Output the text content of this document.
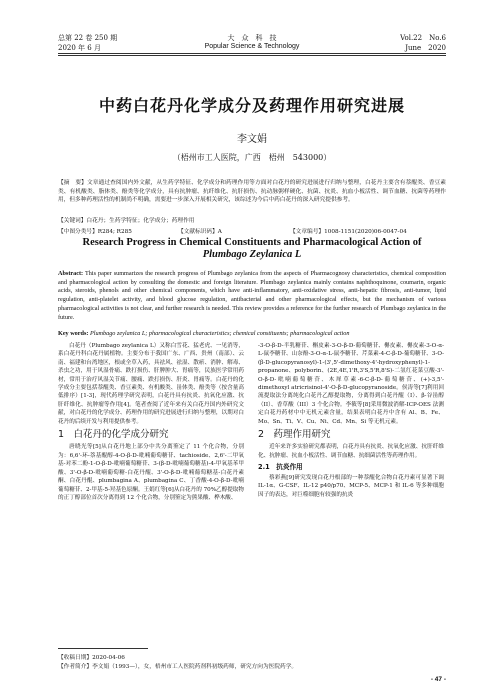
总第 22 卷 250 期	大　众　科　技	Vol.22　No.6
2020 年 6 月	Popular Science & Technology	June　2020
中药白花丹化学成分及药理作用研究进展
李文娟
（梧州市工人医院，广西　梧州　543000）
【摘　要】文章通过查阅国内外文献，从生药学特征、化学成分和药理作用等方面对白花丹的研究进展进行归纳与整理，白花丹主要含有萘醌类、香豆素类、有机酸类、脂体类、酚类等化学成分，具有抗肿瘤、抗纤维化、抗肝损伤、抗动脉粥样硬化、抗菌、抗炎、抗血小板活性、调节血糖、抗菌等药理作用，但多种药理活性的机制尚不明确，需要进一步深入开展相关研究，该综述为今后中药白花丹的深入研究提供参考。
【关键词】白花丹；生药学特征；化学成分；药理作用
【中图分类号】R284; R285	【文献标识码】A	【文章编号】1008-1151(2020)06-0047-04
Research Progress in Chemical Constituents and Pharmacological Action of
Plumbago Zeylanica L
Abstract: This paper summarizes the research progress of Plumbago zeylanica from the aspects of Pharmacognosy characteristics, chemical composition and pharmacological action by consulting the domestic and foreign literature. Plumbago zeylanica mainly contains naphthoquinone, coumarin, organic acids, steroids, phenols and other chemical components, which have anti-inflammatory, anti-oxidative stress, anti-hepatic fibrosis, anti-tumor, lipid regulation, anti-platelet activity, and blood glucose regulation, antibacterial and other pharmacological effects, but the mechanism of various pharmacological activities is not clear, and further research is needed. This review provides a reference for the further research of Plumbago zeylanica in the future.
Key words: Plumbago zeylanica L; pharmacological characteristics; chemical constituents; pharmacological action

白花丹（Plumbago zeylanica L）又称白雪花、猛老虎、一见消等，系白花丹科白花丹属植物。主要分布于我国广东、广西、贵州（南部）、云南、福建和台湾地区，根或全草入药，具祛风、祛湿、散瘀、消肿、解毒、杀虫之功，用于风湿骨痛、跌打损伤、肝脾肿大、胃痛等，民族医学常用药材，常用于治疗风湿关节痛、腰痛、跌打损伤、肝炎、胃痛等。白花丹的化学成分主要包括萘醌类、香豆素类、有机酸类、甾体类、酚类等（按含量高低排序）[1-3]，现代药理学研究表明，白花丹具有抗炎、抗氧化应激、抗肝纤维化、抗肿瘤等作用[4]。笔者查阅了近年来有关白花丹国内外研究文献，对白花丹的化学成分、药理作用的研究进展进行归纳与整理，以期对白花丹的后续开发与利用提供参考。

1　白花丹的化学成分研究

唐晓光等[5]从白花丹地上部分中共分离鉴定了 11 个化合物，分别为：6,6'-环-萘基醌醇-4-O-β-D-吡喃葡萄糖苷、tachioside、2,6'-二甲氧基-对苯二酚-1-O-β-D-吡喃葡萄糖苷、3-(β-D-吡喃葡萄糖基)-4-甲氧基苯甲酸、3'-O-β-D-吡喃葡萄糖-白花丹醌、3'-O-β-D-吡喃葡萄糖基-白花丹素酮、白花丹醌、plumbagina A、plumbagina C、丁香酸-4-O-β-D-吡喃葡萄糖苷、2-甲基-5-羟基色原酮。王娟红等[6]从白花丹的 70%乙醇提取物的正丁醇部位首次分离得到 12 个化合物，分别鉴定为熊果酸、桦木酸、

-3-O-β-D-半乳糖苷、槲皮素-3-O-β-D-葡萄糖苷、槲皮素、槲皮素-3-O-α-L-鼠李糖苷、山奈酚-3-O-α-L-鼠李糖苷、芹菜素-4-C-β-D-葡萄糖苷、3-O-(β-D-glucopyranosyl)-1-(3',5'-dimethoxy-4'-hydroxyphenyl)-1-propanone、polyborin、(2E,4E,1'R,3'S,5'R,8'S)-二氢红花菜豆酸-3'-O-β-D-吡喃葡萄糖苷、木犀草素-6-C-β-D-葡萄糖苷、(+)-3,5'-dimethoxyl atricrisinol-4'-O-β-D-glucopyranoside。侯涛等[7]利用回流提取法分离纯化白花丹乙醇提取物，分离得到白花丹醌（I）、β-谷甾醇（II）、香草酸（III）3 个化合物。李筱等[8]采用微波消解-ICP-OES 法测定白花丹药材中中无机元素含量，结果表明白花丹中含有 Al、B、Fe、Mo、Sn、Ti、V、Cu、Ni、Cd、Mn、Si 等无机元素。

2　药理作用研究

近年来许多实验研究都表明，白花丹具有抗炎、抗氧化应激、抗肝纤维化、抗肿瘤、抗血小板活性、调节血糖、抗细菌活性等药理作用。

2.1　抗炎作用

蔡彩燕[9]研究发现白花丹根部的一种萘醌化合物白花丹素可显著下调 IL-1α、G-CSF、IL-12 p40/p70、MCP-5、MCP-1 和 IL-6 等多种细胞因子的表达，对巨噬细胞有较强的抗炎

【收稿日期】2020-04-06
【作者简介】李文娟（1993—），女，梧州市工人医院药剂科初级药师，研究方向为医院药学。
- 47 -
